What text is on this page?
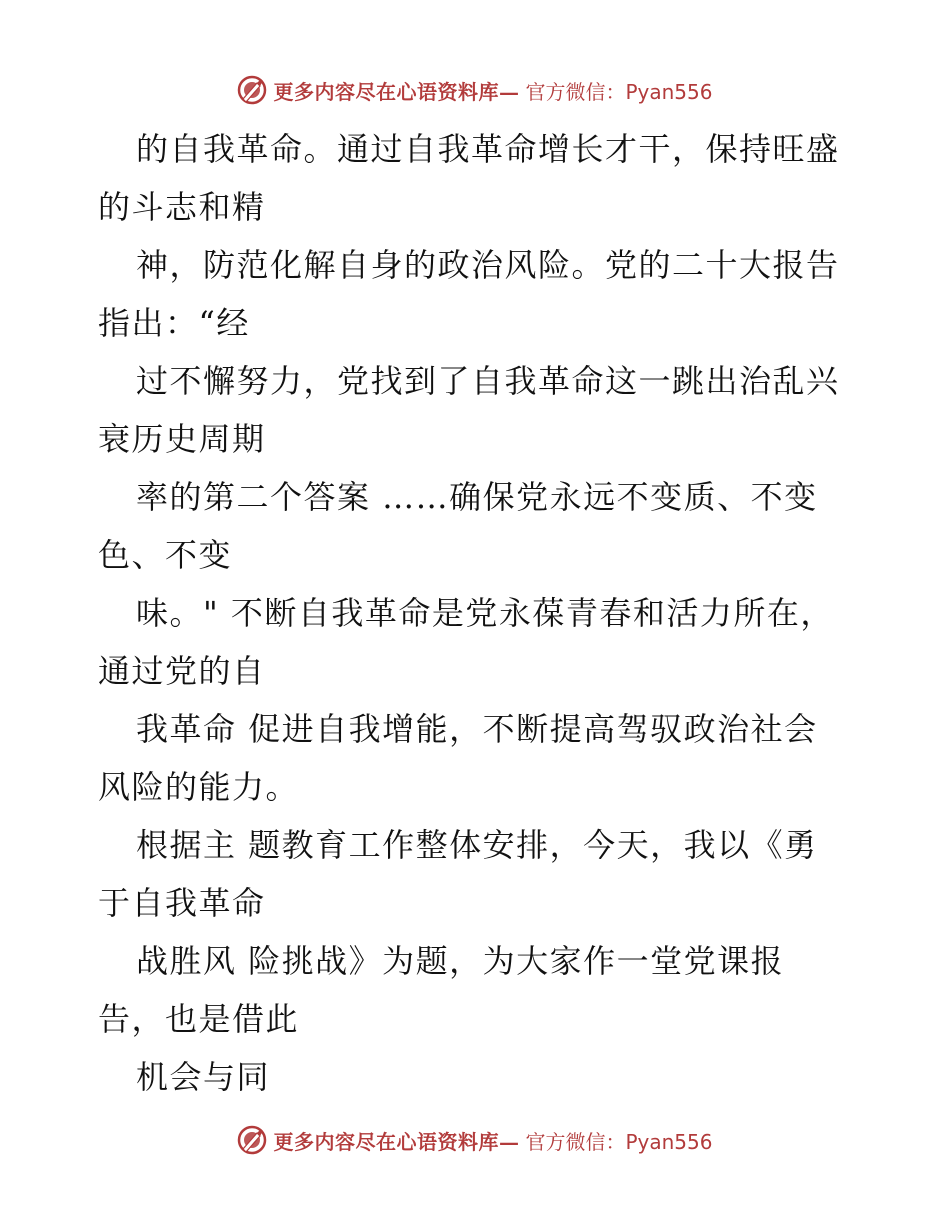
更多内容尽在心语资料库— 官方微信：Pyan556
的自我革命。通过自我革命增长才干，保持旺盛
的斗志和精
神，防范化解自身的政治风险。党的二十大报告
指出：“经
过不懈努力，党找到了自我革命这一跳出治乱兴
衰历史周期
率的第二个答案 ……确保党永远不变质、不变
色、不变
味。" 不断自我革命是党永葆青春和活力所在，
通过党的自
我革命 促进自我增能，不断提高驾驭政治社会
风险的能力。
根据主 题教育工作整体安排，今天，我以《勇
于自我革命
战胜风 险挑战》为题，为大家作一堂党课报
告，也是借此
机会与同
更多内容尽在心语资料库— 官方微信：Pyan556
